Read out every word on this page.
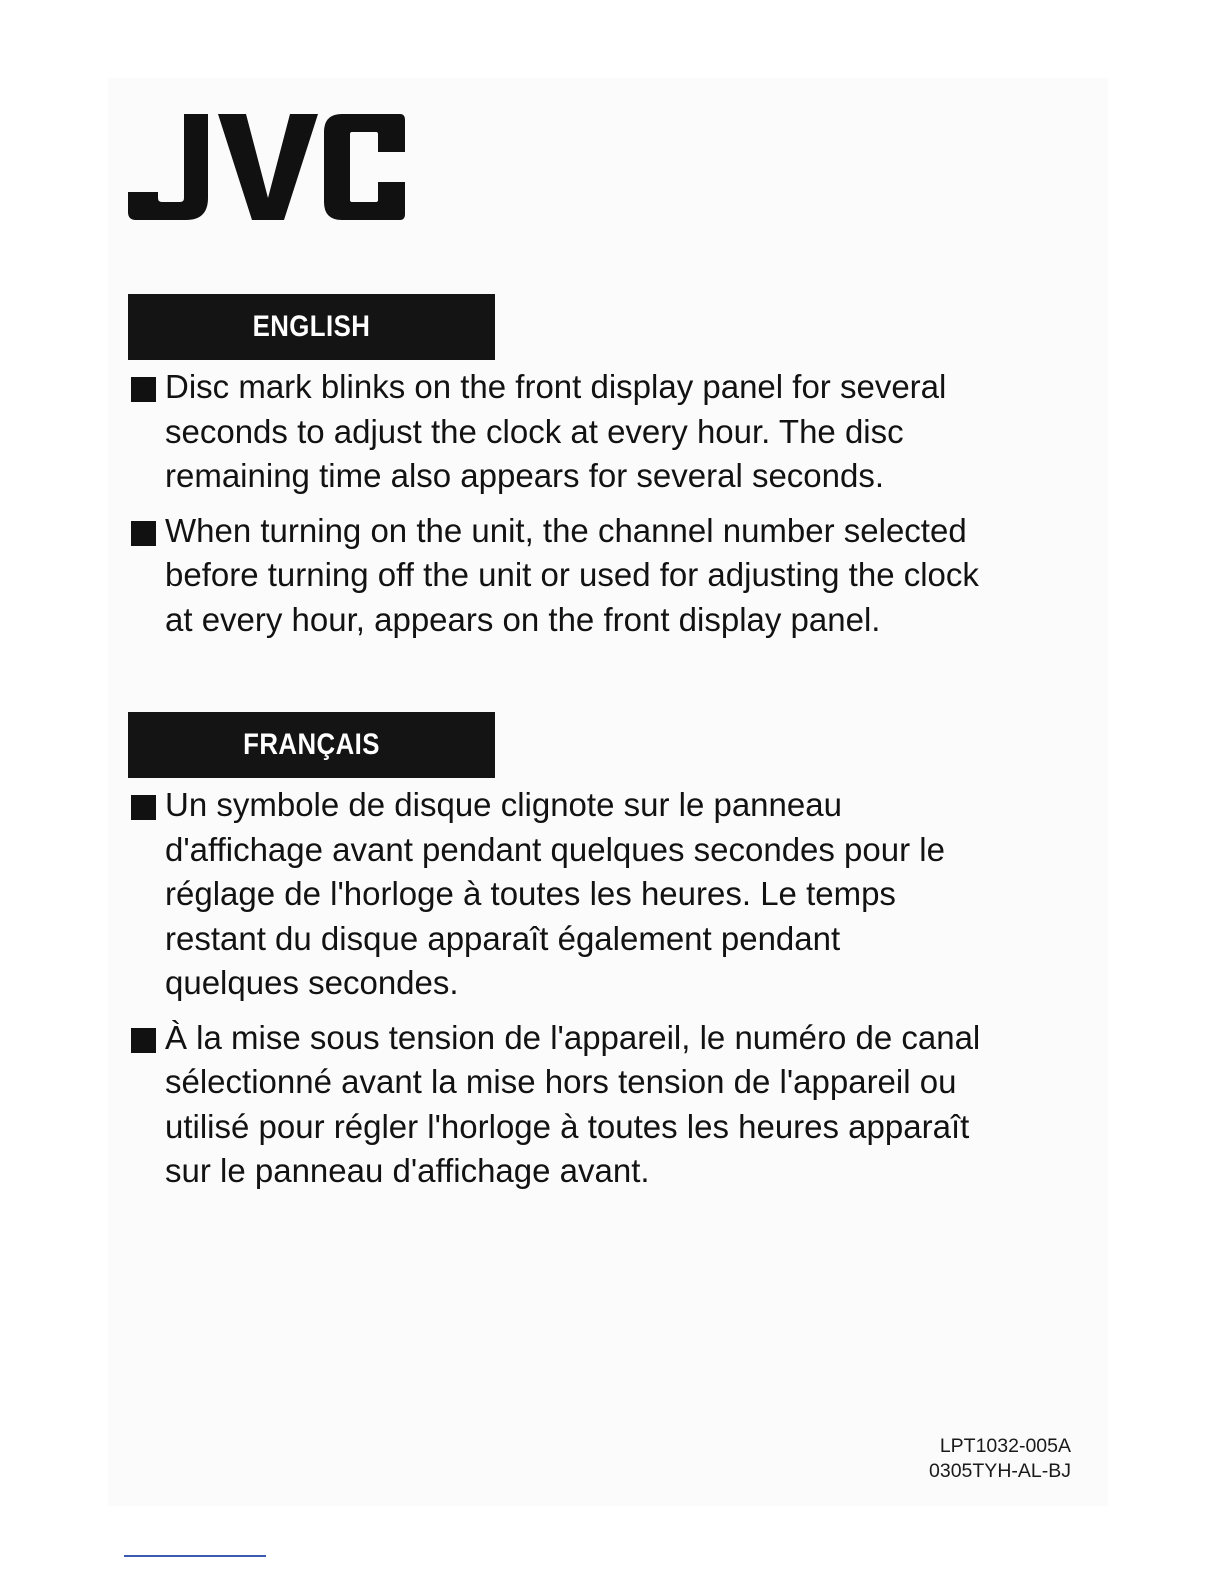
ENGLISH
Disc mark blinks on the front display panel for several
seconds to adjust the clock at every hour. The disc
remaining time also appears for several seconds.
When turning on the unit, the channel number selected
before turning off the unit or used for adjusting the clock
at every hour, appears on the front display panel.
FRANÇAIS
Un symbole de disque clignote sur le panneau
d'affichage avant pendant quelques secondes pour le
réglage de l'horloge à toutes les heures. Le temps
restant du disque apparaît également pendant
quelques secondes.
À la mise sous tension de l'appareil, le numéro de canal
sélectionné avant la mise hors tension de l'appareil ou
utilisé pour régler l'horloge à toutes les heures apparaît
sur le panneau d'affichage avant.
LPT1032-005A
0305TYH-AL-BJ
